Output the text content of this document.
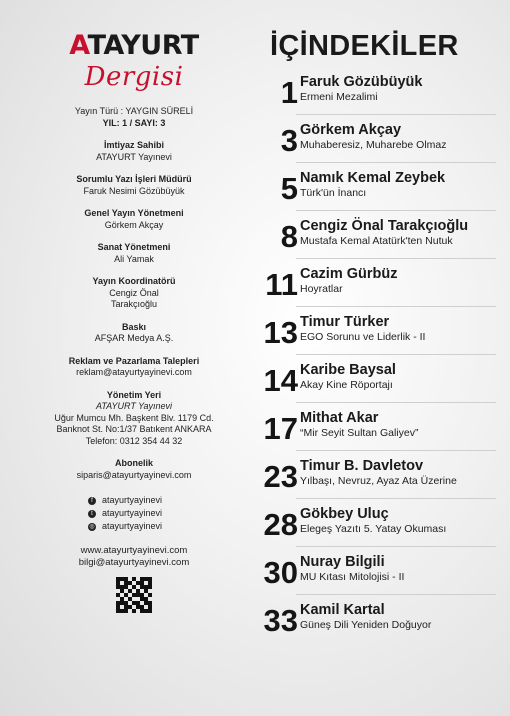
ATAYURT
Dergisi
Yayın Türü : YAYGIN SÜRELİ
YIL: 1 / SAYI: 3
İmtiyaz Sahibi
ATAYURT Yayınevi
Sorumlu Yazı İşleri Müdürü
Faruk Nesimi Gözübüyük
Genel Yayın Yönetmeni
Görkem Akçay
Sanat Yönetmeni
Ali Yamak
Yayın Koordinatörü
Cengiz Önal
Tarakçıoğlu
Baskı
AFŞAR Medya A.Ş.
Reklam ve Pazarlama Talepleri
reklam@atayurtyayinevi.com
Yönetim Yeri
ATAYURT Yayınevi
Uğur Mumcu Mh. Başkent Blv. 1179 Cd.
Banknot St. No:1/37 Batıkent ANKARA
Telefon: 0312 354 44 32
Abonelik
siparis@atayurtyayinevi.com
f	atayurtyayinevi
t	atayurtyayinevi
◎ atayurtyayinevi
www.atayurtyayinevi.com
bilgi@atayurtyayinevi.com
İÇİNDEKİLER
1 Faruk Gözübüyük
Ermeni Mezalimi
3 Görkem Akçay
Muhaberesiz, Muharebe Olmaz
5 Namık Kemal Zeybek
Türk'ün İnancı
8 Cengiz Önal Tarakçıoğlu
Mustafa Kemal Atatürk'ten Nutuk
11 Cazim Gürbüz
Hoyratlar
13 Timur Türker
EGO Sorunu ve Liderlik - II
14 Karibe Baysal
Akay Kine Röportajı
17 Mithat Akar
“Mir Seyit Sultan Galiyev”
23 Timur B. Davletov
Yılbaşı, Nevruz, Ayaz Ata Üzerine
28 Gökbey Uluç
Elegeş Yazıtı 5. Yatay Okuması
30 Nuray Bilgili
MU Kıtası Mitolojisi - II
33 Kamil Kartal
Güneş Dili Yeniden Doğuyor
